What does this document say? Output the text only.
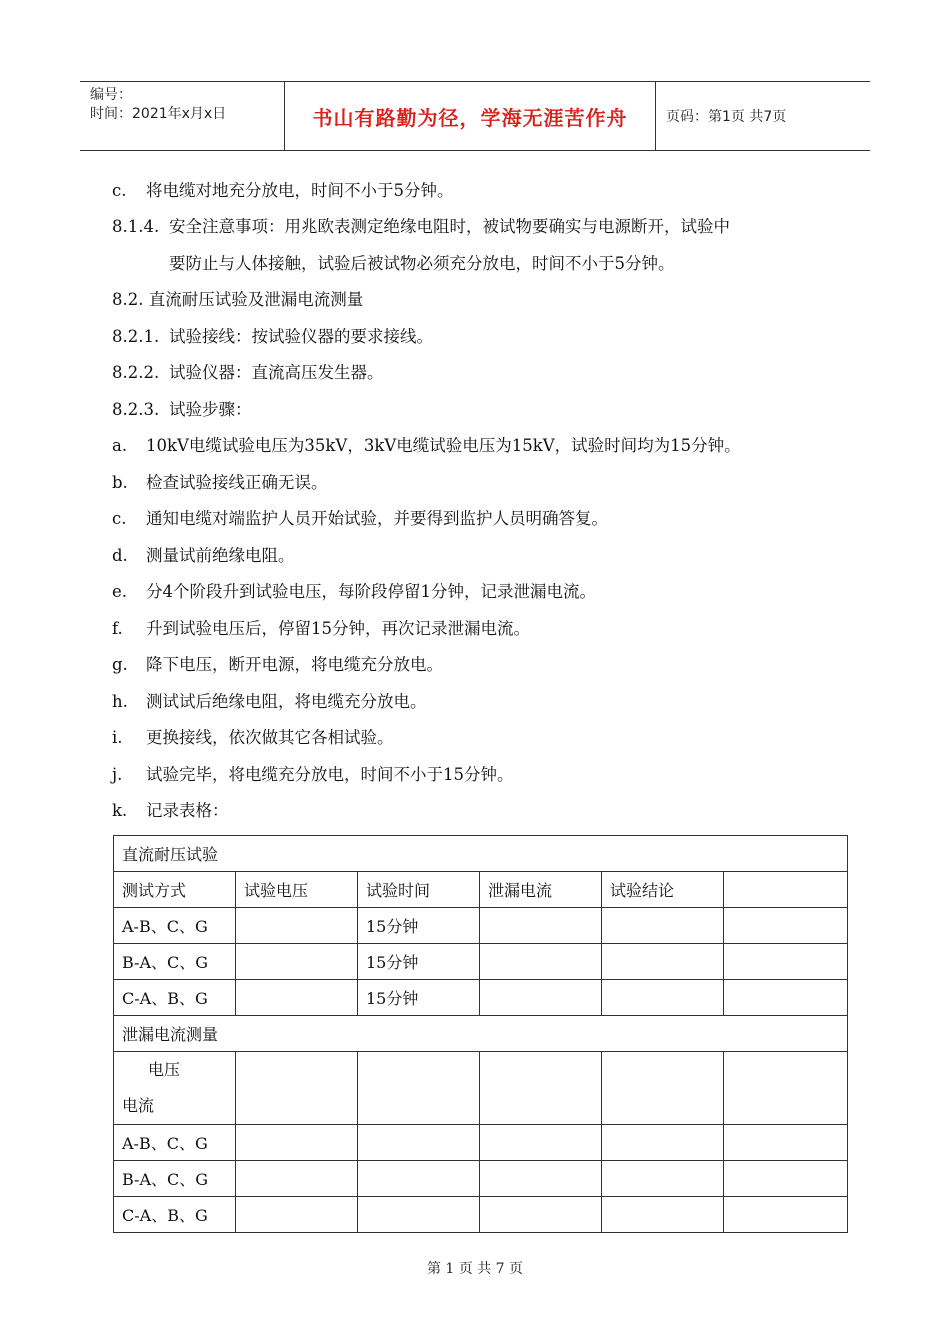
编号：
时间：2021年x月x日	书山有路勤为径，学海无涯苦作舟	页码：第1页 共7页
c. 将电缆对地充分放电，时间不小于5分钟。
8.1.4. 安全注意事项：用兆欧表测定绝缘电阻时，被试物要确实与电源断开，试验中
要防止与人体接触，试验后被试物必须充分放电，时间不小于5分钟。
8.2. 直流耐压试验及泄漏电流测量
8.2.1. 试验接线：按试验仪器的要求接线。
8.2.2. 试验仪器：直流高压发生器。
8.2.3. 试验步骤：
a. 10kV电缆试验电压为35kV，3kV电缆试验电压为15kV，试验时间均为15分钟。
b. 检查试验接线正确无误。
c. 通知电缆对端监护人员开始试验，并要得到监护人员明确答复。
d. 测量试前绝缘电阻。
e. 分4个阶段升到试验电压，每阶段停留1分钟，记录泄漏电流。
f. 升到试验电压后，停留15分钟，再次记录泄漏电流。
g. 降下电压，断开电源，将电缆充分放电。
h. 测试试后绝缘电阻，将电缆充分放电。
i. 更换接线，依次做其它各相试验。
j. 试验完毕，将电缆充分放电，时间不小于15分钟。
k. 记录表格：
直流耐压试验					
测试方式	试验电压	试验时间	泄漏电流	试验结论	
A-B、C、G		15分钟			
B-A、C、G		15分钟			
C-A、B、G		15分钟			
泄漏电流测量					

电压
电流					

A-B、C、G					
B-A、C、G					
C-A、B、G					
第 1 页 共 7 页
